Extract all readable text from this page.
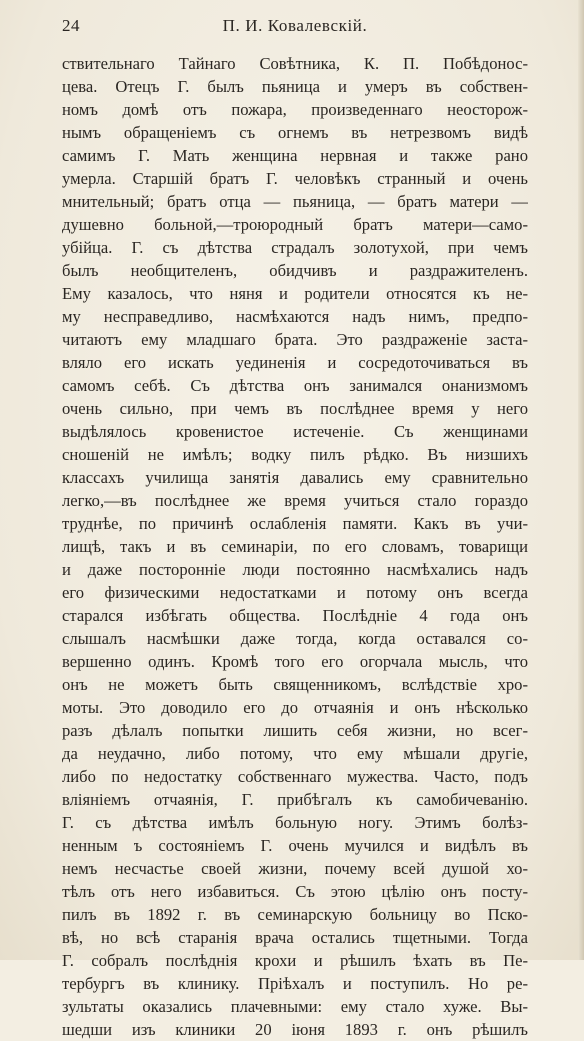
24	П. И. Ковалевскій.
ствительнаго Тайнаго Совѣтника, К. П. Побѣдонос-
цева. Отецъ Г. былъ пьяница и умеръ въ собствен-
номъ домѣ отъ пожара, произведеннаго неосторож-
нымъ обращеніемъ съ огнемъ въ нетрезвомъ видѣ
самимъ Г. Мать женщина нервная и также рано
умерла. Старшій братъ Г. человѣкъ странный и очень
мнительный; братъ отца — пьяница, — братъ матери —
душевно больной,—троюродный братъ матери—само-
убійца. Г. съ дѣтства страдалъ золотухой, при чемъ
былъ необщителенъ, обидчивъ и раздражителенъ.
Ему казалось, что няня и родители относятся къ не-
му несправедливо, насмѣхаются надъ нимъ, предпо-
читаютъ ему младшаго брата. Это раздраженіе заста-
вляло его искать уединенія и сосредоточиваться въ
самомъ себѣ. Съ дѣтства онъ занимался онанизмомъ
очень сильно, при чемъ въ послѣднее время у него
выдѣлялось кровенистое истеченіе. Съ женщинами
сношеній не имѣлъ; водку пилъ рѣдко. Въ низшихъ
классахъ училища занятія давались ему сравнительно
легко,—въ послѣднее же время учиться стало гораздо
труднѣе, по причинѣ ослабленія памяти. Какъ въ учи-
лищѣ, такъ и въ семинаріи, по его словамъ, товарищи
и даже посторонніе люди постоянно насмѣхались надъ
его физическими недостатками и потому онъ всегда
старался избѣгать общества. Послѣдніе 4 года онъ
слышалъ насмѣшки даже тогда, когда оставался со-
вершенно одинъ. Кромѣ того его огорчала мысль, что
онъ не можетъ быть священникомъ, вслѣдствіе хро-
моты. Это доводило его до отчаянія и онъ нѣсколько
разъ дѣлалъ попытки лишить себя жизни, но всег-
да неудачно, либо потому, что ему мѣшали другіе,
либо по недостатку собственнаго мужества. Часто, подъ
вліяніемъ отчаянія, Г. прибѣгалъ къ самобичеванію.
Г. съ дѣтства имѣлъ больную ногу. Этимъ болѣз-
ненным ъ состояніемъ Г. очень мучился и видѣлъ въ
немъ несчастье своей жизни, почему всей душой хо-
тѣлъ отъ него избавиться. Съ этою цѣлію онъ посту-
пилъ въ 1892 г. въ семинарскую больницу во Пско-
вѣ, но всѣ старанія врача остались тщетными. Тогда
Г. собралъ послѣднія крохи и рѣшилъ ѣхать въ Пе-
тербургъ въ клинику. Пріѣхалъ и поступилъ. Но ре-
зультаты оказались плачевными: ему стало хуже. Вы-
шедши изъ клиники 20 іюня 1893 г. онъ рѣшилъ
